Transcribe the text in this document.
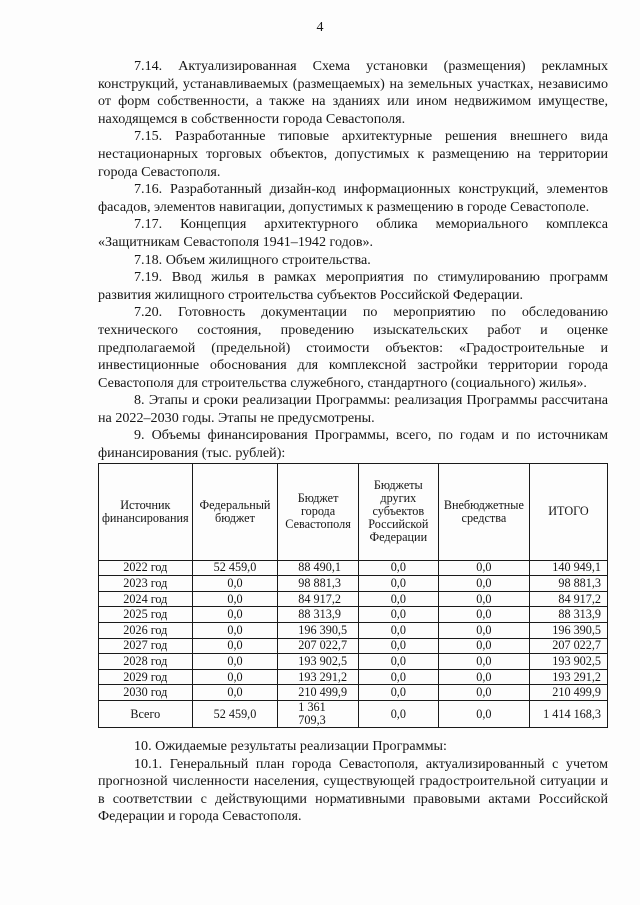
4

7.14. Актуализированная Схема установки (размещения) рекламных конструкций, устанавливаемых (размещаемых) на земельных участках, независимо от форм собственности, а также на зданиях или ином недвижимом имуществе, находящемся в собственности города Севастополя.

7.15. Разработанные типовые архитектурные решения внешнего вида нестационарных торговых объектов, допустимых к размещению на территории города Севастополя.

7.16. Разработанный дизайн-код информационных конструкций, элементов фасадов, элементов навигации, допустимых к размещению в городе Севастополе.

7.17. Концепция архитектурного облика мемориального комплекса «Защитникам Севастополя 1941–1942 годов».

7.18. Объем жилищного строительства.

7.19. Ввод жилья в рамках мероприятия по стимулированию программ развития жилищного строительства субъектов Российской Федерации.

7.20. Готовность документации по мероприятию по обследованию технического состояния, проведению изыскательских работ и оценке предполагаемой (предельной) стоимости объектов: «Градостроительные и инвестиционные обоснования для комплексной застройки территории города Севастополя для строительства служебного, стандартного (социального) жилья».

8. Этапы и сроки реализации Программы: реализация Программы рассчитана на 2022–2030 годы. Этапы не предусмотрены.

9. Объемы финансирования Программы, всего, по годам и по источникам финансирования (тыс. рублей):

Источник финансирования	Федеральный бюджет	Бюджет города Севастополя	Бюджеты других субъектов Российской Федерации	Внебюджетные средства	ИТОГО
2022 год	52 459,0	88 490,1	0,0	0,0	140 949,1
2023 год	0,0	98 881,3	0,0	0,0	98 881,3
2024 год	0,0	84 917,2	0,0	0,0	84 917,2
2025 год	0,0	88 313,9	0,0	0,0	88 313,9
2026 год	0,0	196 390,5	0,0	0,0	196 390,5
2027 год	0,0	207 022,7	0,0	0,0	207 022,7
2028 год	0,0	193 902,5	0,0	0,0	193 902,5
2029 год	0,0	193 291,2	0,0	0,0	193 291,2
2030 год	0,0	210 499,9	0,0	0,0	210 499,9
Всего	52 459,0	1 361 709,3	0,0	0,0	1 414 168,3

10. Ожидаемые результаты реализации Программы:

10.1. Генеральный план города Севастополя, актуализированный с учетом прогнозной численности населения, существующей градостроительной ситуации и в соответствии с действующими нормативными правовыми актами Российской Федерации и города Севастополя.
